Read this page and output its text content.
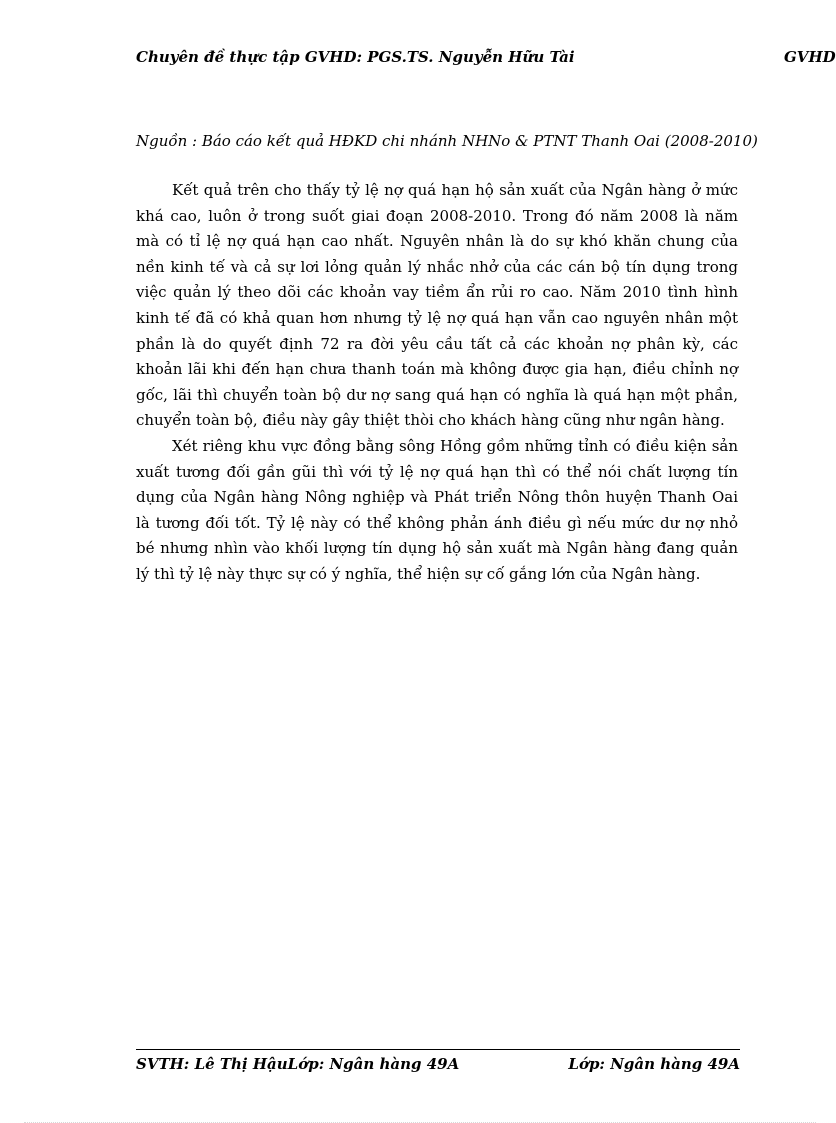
Chuyên đề thực tập GVHD: PGS.TS. Nguyễn Hữu Tài	GVHD
Nguồn : Báo cáo kết quả HĐKD chi nhánh NHNo & PTNT Thanh Oai (2008-2010)

Kết quả trên cho thấy tỷ lệ nợ quá hạn hộ sản xuất của Ngân hàng ở mức khá cao, luôn ở trong suốt giai đoạn 2008-2010. Trong đó năm 2008 là năm mà có tỉ lệ nợ quá hạn cao nhất. Nguyên nhân là do sự khó khăn chung của nền kinh tế và cả sự lơi lỏng quản lý nhắc nhở của các cán bộ tín dụng trong việc quản lý theo dõi các khoản vay tiềm ẩn rủi ro cao. Năm 2010 tình hình kinh tế đã có khả quan hơn nhưng tỷ lệ nợ quá hạn vẫn cao nguyên nhân một phần là do quyết định 72 ra đời yêu cầu tất cả các khoản nợ phân kỳ, các khoản lãi khi đến hạn chưa thanh toán mà không được gia hạn, điều chỉnh nợ gốc, lãi thì chuyển toàn bộ dư nợ sang quá hạn có nghĩa là quá hạn một phần, chuyển toàn bộ, điều này gây thiệt thòi cho khách hàng cũng như ngân hàng.

Xét riêng khu vực đồng bằng sông Hồng gồm những tỉnh có điều kiện sản xuất tương đối gần gũi thì với tỷ lệ nợ quá hạn thì có thể nói chất lượng tín dụng của Ngân hàng Nông nghiệp và Phát triển Nông thôn huyện Thanh Oai là tương đối tốt. Tỷ lệ này có thể không phản ánh điều gì nếu mức dư nợ nhỏ bé nhưng nhìn vào khối lượng tín dụng hộ sản xuất mà Ngân hàng đang quản lý thì tỷ lệ này thực sự có ý nghĩa, thể hiện sự cố gắng lớn của Ngân hàng.

SVTH: Lê Thị HậuLớp: Ngân hàng 49A	Lớp: Ngân hàng 49A
